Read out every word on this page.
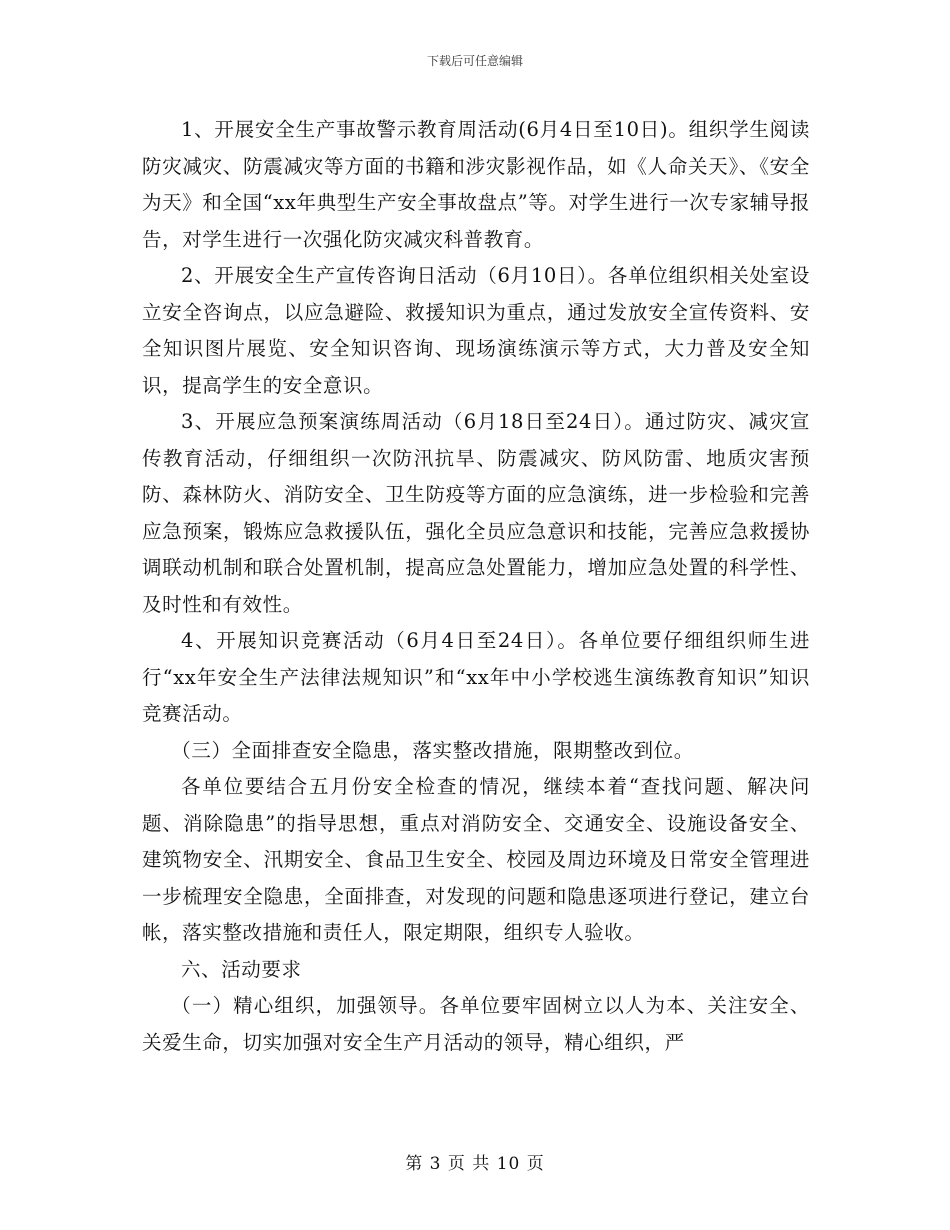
下载后可任意编辑

1、开展安全生产事故警示教育周活动(6月4日至10日)。组织学生阅读防灾减灾、防震减灾等方面的书籍和涉灾影视作品，如《人命关天》、《安全为天》和全国“xx年典型生产安全事故盘点”等。对学生进行一次专家辅导报告，对学生进行一次强化防灾减灾科普教育。

2、开展安全生产宣传咨询日活动（6月10日）。各单位组织相关处室设立安全咨询点，以应急避险、救援知识为重点，通过发放安全宣传资料、安全知识图片展览、安全知识咨询、现场演练演示等方式，大力普及安全知识，提高学生的安全意识。

3、开展应急预案演练周活动（6月18日至24日）。通过防灾、减灾宣传教育活动，仔细组织一次防汛抗旱、防震减灾、防风防雷、地质灾害预防、森林防火、消防安全、卫生防疫等方面的应急演练，进一步检验和完善应急预案，锻炼应急救援队伍，强化全员应急意识和技能，完善应急救援协调联动机制和联合处置机制，提高应急处置能力，增加应急处置的科学性、及时性和有效性。

4、开展知识竞赛活动（6月4日至24日）。各单位要仔细组织师生进行“xx年安全生产法律法规知识”和“xx年中小学校逃生演练教育知识”知识竞赛活动。

（三）全面排查安全隐患，落实整改措施，限期整改到位。

各单位要结合五月份安全检查的情况，继续本着“查找问题、解决问题、消除隐患”的指导思想，重点对消防安全、交通安全、设施设备安全、建筑物安全、汛期安全、食品卫生安全、校园及周边环境及日常安全管理进一步梳理安全隐患，全面排查，对发现的问题和隐患逐项进行登记，建立台帐，落实整改措施和责任人，限定期限，组织专人验收。

六、活动要求

（一）精心组织，加强领导。各单位要牢固树立以人为本、关注安全、关爱生命，切实加强对安全生产月活动的领导，精心组织，严

第 3 页 共 10 页
